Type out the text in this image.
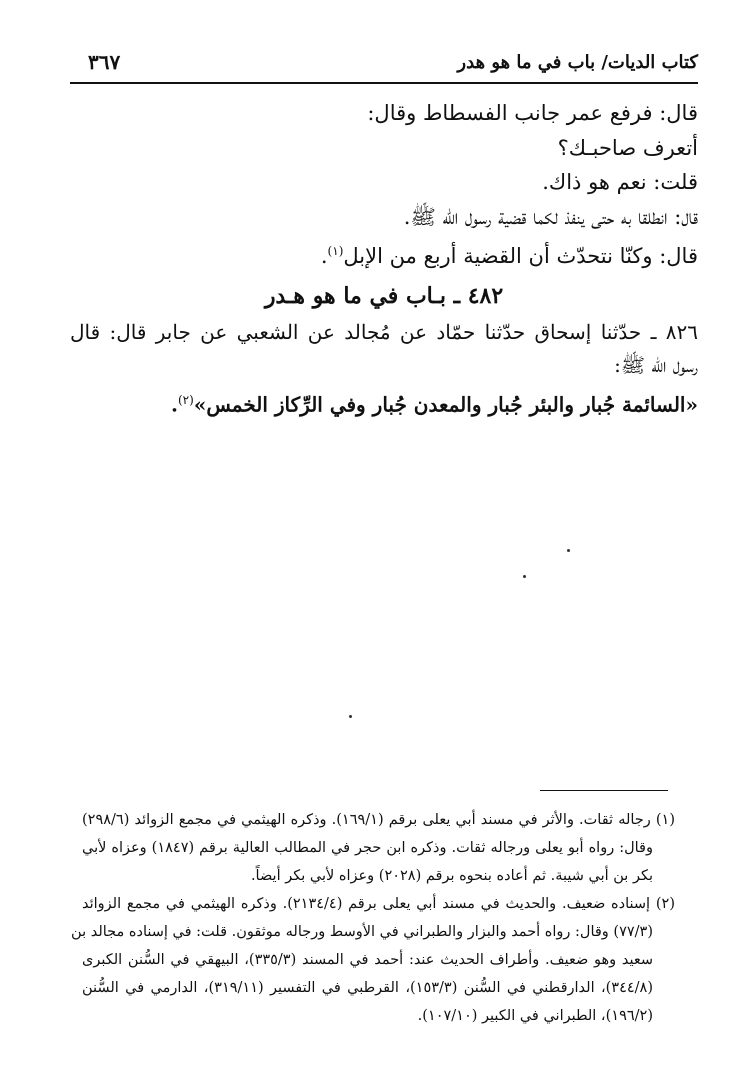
كتاب الديات/ باب في ما هو هدر
٣٦٧
قال: فرفع عمر جانب الفسطاط وقال:
أتعرف صاحبـك؟
قلت: نعم هو ذاك.
قال: انطلقا به حتى ينفذ لكما قضية رسول الله ﷺ.
قال: وكنّا نتحدّث أن القضية أربع من الإبل$^{(١)}$.
٤٨٢ ـ بـاب في ما هو هـدر
٨٢٦ ـ حدّثنا إسحاق حدّثنا حمّاد عن مُجالد عن الشعبي عن جابر قال: قال
رسول الله ﷺ:
«السائمة جُبار والبئر جُبار والمعدن جُبار وفي الرِّكاز الخمس»$^{(٢)}$.
(١) رجاله ثقات. والأثر في مسند أبي يعلى برقم (١٦٩/١). وذكره الهيثمي في مجمع الزوائد (٢٩٨/٦)
وقال: رواه أبو يعلى ورجاله ثقات. وذكره ابن حجر في المطالب العالية برقم (١٨٤٧) وعزاه لأبي
بكر بن أبي شيبة. ثم أعاده بنحوه برقم (٢٠٢٨) وعزاه لأبي بكر أيضاً.
(٢) إسناده ضعيف. والحديث في مسند أبي يعلى برقم (٢١٣٤/٤). وذكره الهيثمي في مجمع الزوائد
(٧٧/٣) وقال: رواه أحمد والبزار والطبراني في الأوسط ورجاله موثقون. قلت: في إسناده مجالد بن
سعيد وهو ضعيف. وأطراف الحديث عند: أحمد في المسند (٣٣٥/٣)، البيهقي في السُّنن الكبرى
(٣٤٤/٨)، الدارقطني في السُّنن (١٥٣/٣)، القرطبي في التفسير (٣١٩/١١)، الدارمي في السُّنن
(١٩٦/٢)، الطبراني في الكبير (١٠٧/١٠).
